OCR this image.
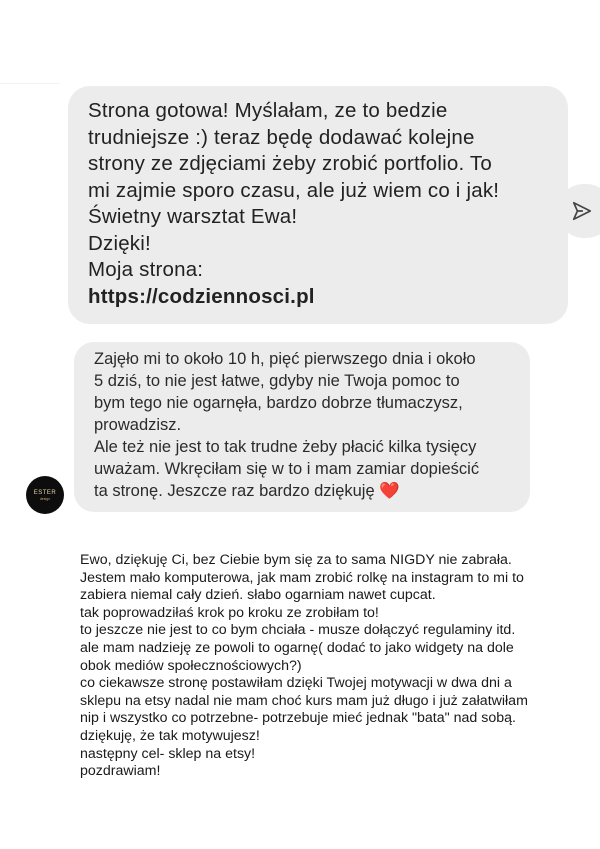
Strona gotowa! Myślałam, ze to bedzie
trudniejsze :) teraz będę dodawać kolejne
strony ze zdjęciami żeby zrobić portfolio. To
mi zajmie sporo czasu, ale już wiem co i jak!
Świetny warsztat Ewa!
Dzięki!
Moja strona:
https://codziennosci.pl
Zajęło mi to około 10 h, pięć pierwszego dnia i około
5 dziś, to nie jest łatwe, gdyby nie Twoja pomoc to
bym tego nie ogarnęła, bardzo dobrze tłumaczysz,
prowadzisz.
Ale też nie jest to tak trudne żeby płacić kilka tysięcy
uważam. Wkręciłam się w to i mam zamiar dopieścić
ta stronę. Jeszcze raz bardzo dziękuję ❤️
ESTER
design
Ewo, dziękuję Ci, bez Ciebie bym się za to sama NIGDY nie zabrała.
Jestem mało komputerowa, jak mam zrobić rolkę na instagram to mi to
zabiera niemal cały dzień. słabo ogarniam nawet cupcat.
tak poprowadziłaś krok po kroku ze zrobiłam to!
to jeszcze nie jest to co bym chciała - musze dołączyć regulaminy itd.
ale mam nadzieję ze powoli to ogarnę( dodać to jako widgety na dole
obok mediów społecznościowych?)
co ciekawsze stronę postawiłam dzięki Twojej motywacji w dwa dni a
sklepu na etsy nadal nie mam choć kurs mam już długo i już załatwiłam
nip i wszystko co potrzebne- potrzebuje mieć jednak "bata" nad sobą.
dziękuję, że tak motywujesz!
następny cel- sklep na etsy!
pozdrawiam!
